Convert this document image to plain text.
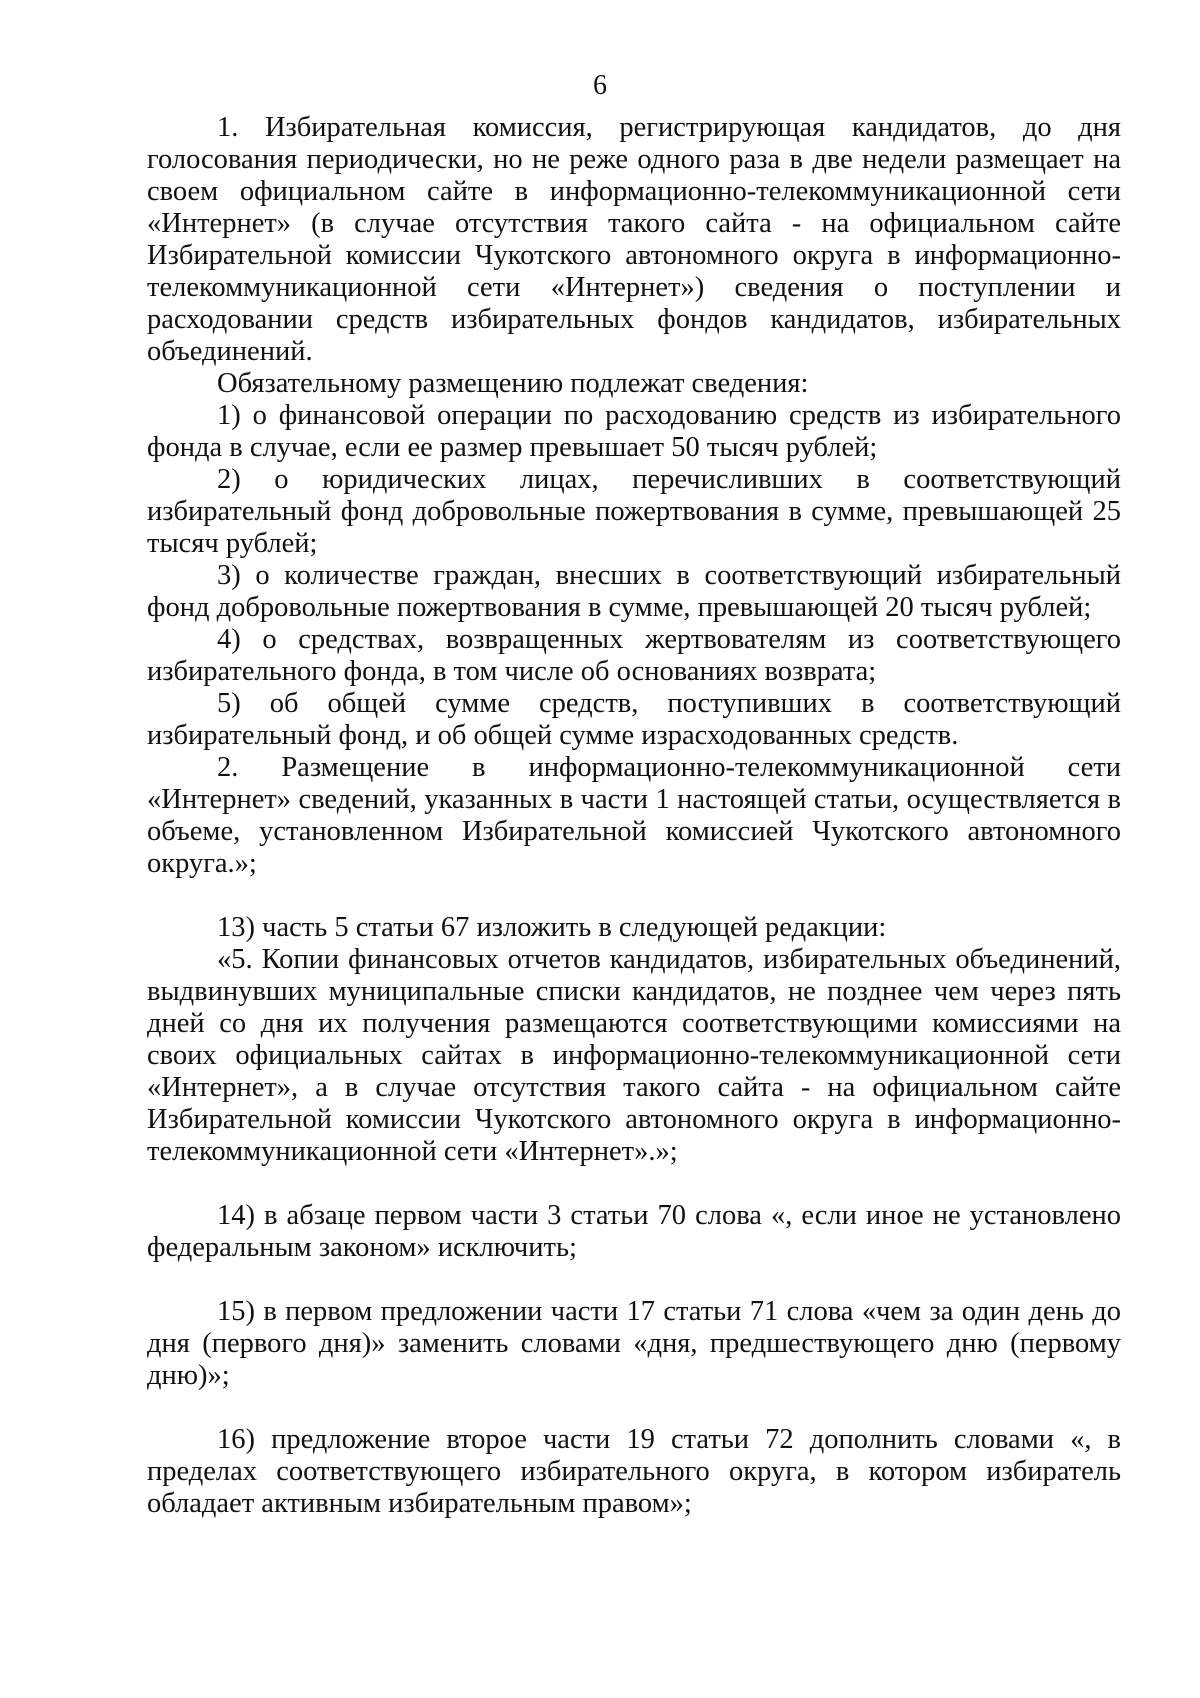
6

1. Избирательная комиссия, регистрирующая кандидатов, до дня голосования периодически, но не реже одного раза в две недели размещает на своем официальном сайте в информационно-телекоммуникационной сети «Интернет» (в случае отсутствия такого сайта - на официальном сайте Избирательной комиссии Чукотского автономного округа в информационно-телекоммуникационной сети «Интернет») сведения о поступлении и расходовании средств избирательных фондов кандидатов, избирательных объединений.

Обязательному размещению подлежат сведения:

1) о финансовой операции по расходованию средств из избирательного фонда в случае, если ее размер превышает 50 тысяч рублей;

2) о юридических лицах, перечисливших в соответствующий избирательный фонд добровольные пожертвования в сумме, превышающей 25 тысяч рублей;

3) о количестве граждан, внесших в соответствующий избирательный фонд добровольные пожертвования в сумме, превышающей 20 тысяч рублей;

4) о средствах, возвращенных жертвователям из соответствующего избирательного фонда, в том числе об основаниях возврата;

5) об общей сумме средств, поступивших в соответствующий избирательный фонд, и об общей сумме израсходованных средств.

2. Размещение в информационно-телекоммуникационной сети «Интернет» сведений, указанных в части 1 настоящей статьи, осуществляется в объеме, установленном Избирательной комиссией Чукотского автономного округа.»;

13) часть 5 статьи 67 изложить в следующей редакции:

«5. Копии финансовых отчетов кандидатов, избирательных объединений, выдвинувших муниципальные списки кандидатов, не позднее чем через пять дней со дня их получения размещаются соответствующими комиссиями на своих официальных сайтах в информационно-телекоммуникационной сети «Интернет», а в случае отсутствия такого сайта - на официальном сайте Избирательной комиссии Чукотского автономного округа в информационно-телекоммуникационной сети «Интернет».»;

14) в абзаце первом части 3 статьи 70 слова «, если иное не установлено федеральным законом» исключить;

15) в первом предложении части 17 статьи 71 слова «чем за один день до дня (первого дня)» заменить словами «дня, предшествующего дню (первому дню)»;

16) предложение второе части 19 статьи 72 дополнить словами «, в пределах соответствующего избирательного округа, в котором избиратель обладает активным избирательным правом»;
